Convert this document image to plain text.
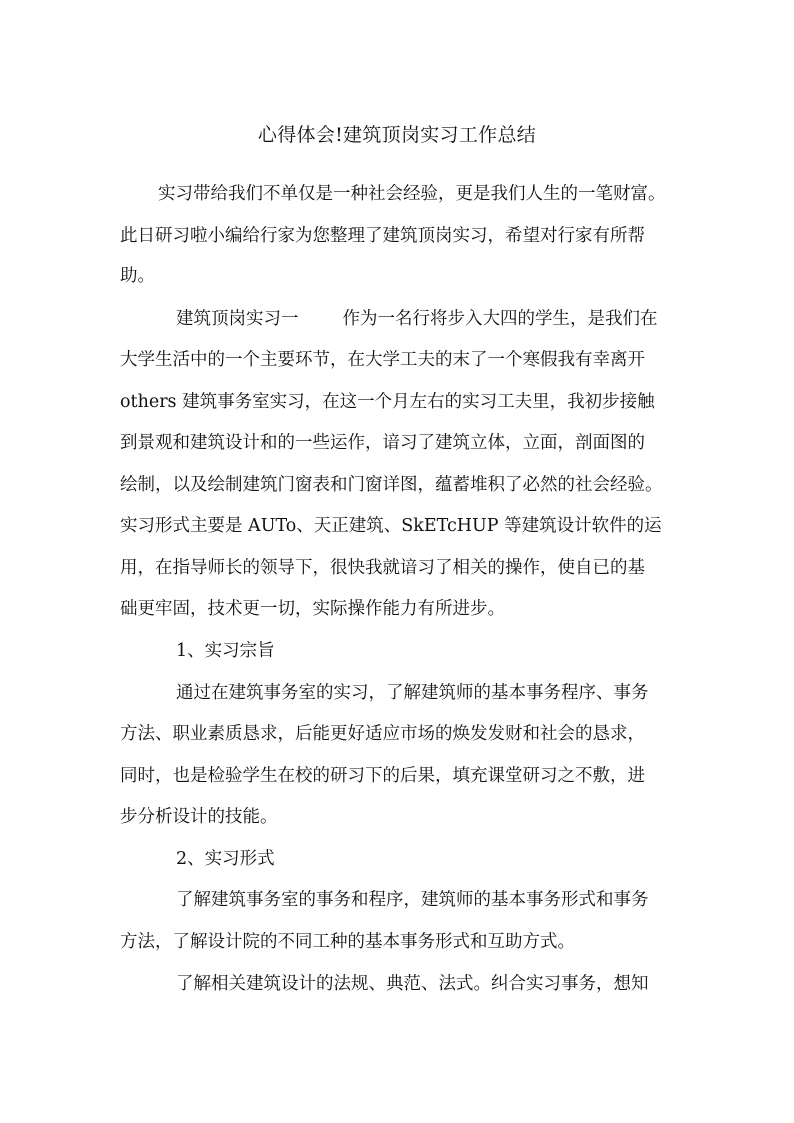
心得体会!建筑顶岗实习工作总结

实习带给我们不单仅是一种社会经验，更是我们人生的一笔财富。

此日研习啦小编给行家为您整理了建筑顶岗实习，希望对行家有所帮

助。

建筑顶岗实习一	作为一名行将步入大四的学生，是我们在

大学生活中的一个主要环节，在大学工夫的末了一个寒假我有幸离开

others 建筑事务室实习，在这一个月左右的实习工夫里，我初步接触

到景观和建筑设计和的一些运作，谙习了建筑立体，立面，剖面图的

绘制，以及绘制建筑门窗表和门窗详图，蕴蓄堆积了必然的社会经验。

实习形式主要是 AUTo、天正建筑、SkETcHUP 等建筑设计软件的运

用，在指导师长的领导下，很快我就谙习了相关的操作，使自已的基

础更牢固，技术更一切，实际操作能力有所进步。

1、实习宗旨

通过在建筑事务室的实习，了解建筑师的基本事务程序、事务

方法、职业素质恳求，后能更好适应市场的焕发发财和社会的恳求，

同时，也是检验学生在校的研习下的后果，填充课堂研习之不敷，进

步分析设计的技能。

2、实习形式

了解建筑事务室的事务和程序，建筑师的基本事务形式和事务

方法，了解设计院的不同工种的基本事务形式和互助方式。

了解相关建筑设计的法规、典范、法式。纠合实习事务，想知
